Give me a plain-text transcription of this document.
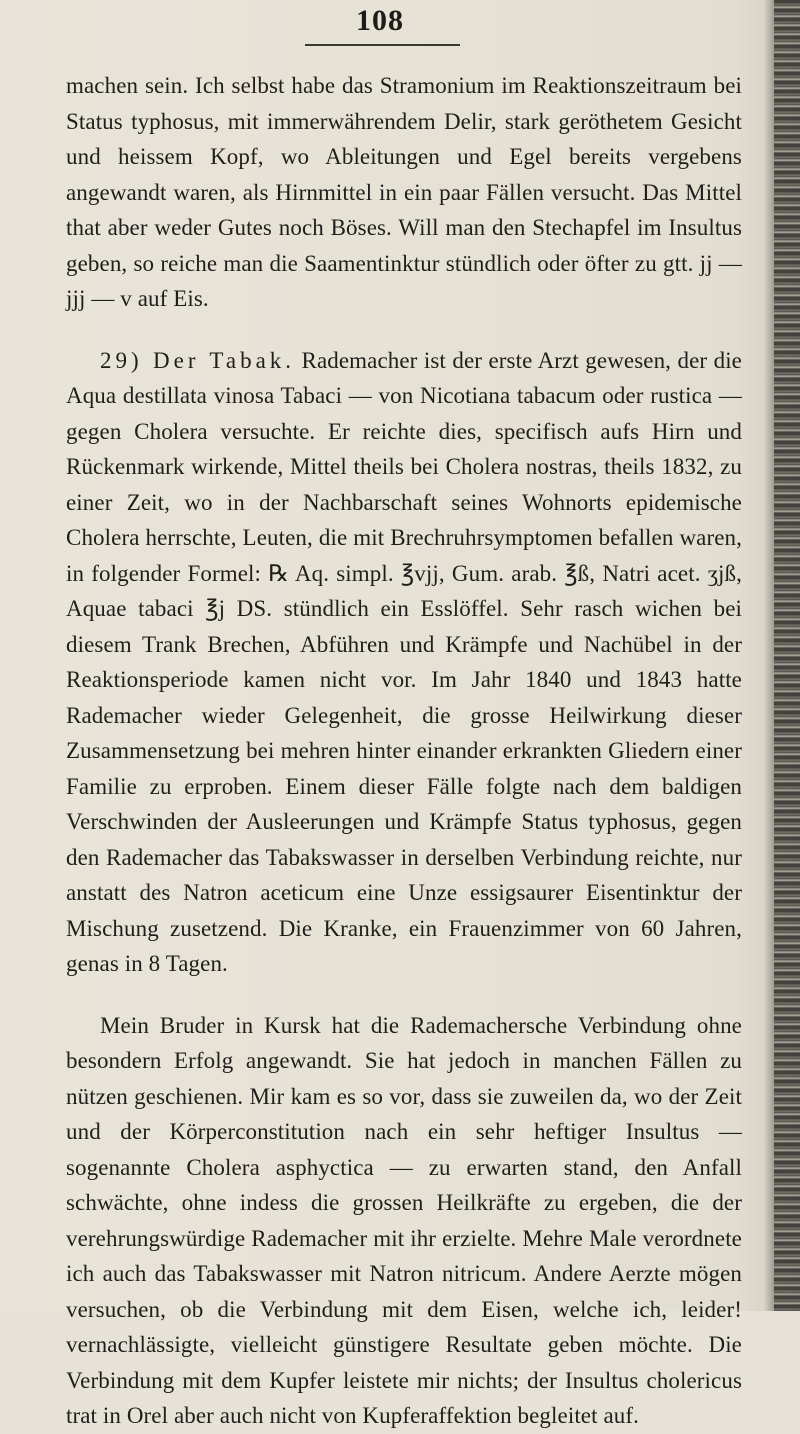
108

machen sein. Ich selbst habe das Stramonium im Reaktionszeitraum bei Status typhosus, mit immerwährendem Delir, stark geröthetem Gesicht und heissem Kopf, wo Ableitungen und Egel bereits vergebens angewandt waren, als Hirnmittel in ein paar Fällen versucht. Das Mittel that aber weder Gutes noch Böses. Will man den Stechapfel im Insultus geben, so reiche man die Saamentinktur stündlich oder öfter zu gtt. jj — jjj — v auf Eis.

29) Der Tabak. Rademacher ist der erste Arzt gewesen, der die Aqua destillata vinosa Tabaci — von Nicotiana tabacum oder rustica — gegen Cholera versuchte. Er reichte dies, specifisch aufs Hirn und Rückenmark wirkende, Mittel theils bei Cholera nostras, theils 1832, zu einer Zeit, wo in der Nachbarschaft seines Wohnorts epidemische Cholera herrschte, Leuten, die mit Brechruhrsymptomen befallen waren, in folgender Formel: ℞ Aq. simpl. ℥vjj, Gum. arab. ℥ß, Natri acet. ʒjß, Aquae tabaci ℥j DS. stündlich ein Esslöffel. Sehr rasch wichen bei diesem Trank Brechen, Abführen und Krämpfe und Nachübel in der Reaktionsperiode kamen nicht vor. Im Jahr 1840 und 1843 hatte Rademacher wieder Gelegenheit, die grosse Heilwirkung dieser Zusammensetzung bei mehren hinter einander erkrankten Gliedern einer Familie zu erproben. Einem dieser Fälle folgte nach dem baldigen Verschwinden der Ausleerungen und Krämpfe Status typhosus, gegen den Rademacher das Tabakswasser in derselben Verbindung reichte, nur anstatt des Natron aceticum eine Unze essigsaurer Eisentinktur der Mischung zusetzend. Die Kranke, ein Frauenzimmer von 60 Jahren, genas in 8 Tagen.

Mein Bruder in Kursk hat die Rademachersche Verbindung ohne besondern Erfolg angewandt. Sie hat jedoch in manchen Fällen zu nützen geschienen. Mir kam es so vor, dass sie zuweilen da, wo der Zeit und der Körperconstitution nach ein sehr heftiger Insultus — sogenannte Cholera asphyctica — zu erwarten stand, den Anfall schwächte, ohne indess die grossen Heilkräfte zu ergeben, die der verehrungswürdige Rademacher mit ihr erzielte. Mehre Male verordnete ich auch das Tabakswasser mit Natron nitricum. Andere Aerzte mögen versuchen, ob die Verbindung mit dem Eisen, welche ich, leider! vernachlässigte, vielleicht günstigere Resultate geben möchte. Die Verbindung mit dem Kupfer leistete mir nichts; der Insultus cholericus trat in Orel aber auch nicht von Kupferaffektion begleitet auf.
